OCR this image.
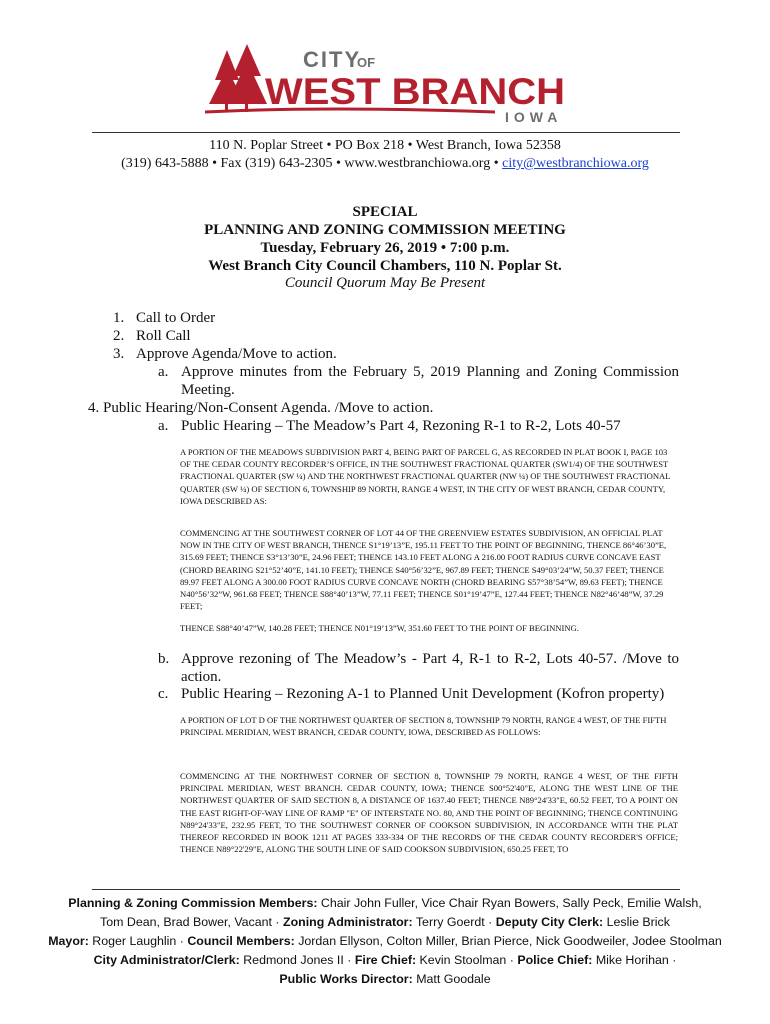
CITY
OF
WEST BRANCH
IOWA
110 N. Poplar Street • PO Box 218 • West Branch, Iowa 52358
(319) 643-5888 • Fax (319) 643-2305 • www.westbranchiowa.org • city@westbranchiowa.org
SPECIAL
PLANNING AND ZONING COMMISSION MEETING
Tuesday, February 26, 2019 • 7:00 p.m.
West Branch City Council Chambers, 110 N. Poplar St.
Council Quorum May Be Present
1. Call to Order
2. Roll Call
3. Approve Agenda/Move to action.
a. Approve minutes from the February 5, 2019 Planning and Zoning Commission
Meeting.
4. Public Hearing/Non-Consent Agenda. /Move to action.
a. Public Hearing – The Meadow’s Part 4, Rezoning R-1 to R-2, Lots 40-57
A PORTION OF THE MEADOWS SUBDIVISION PART 4, BEING PART OF PARCEL G, AS RECORDED IN PLAT BOOK I, PAGE 103 OF THE CEDAR COUNTY RECORDER’S OFFICE, IN THE SOUTHWEST FRACTIONAL QUARTER (SW1/4) OF THE SOUTHWEST FRACTIONAL QUARTER (SW ¼) AND THE NORTHWEST FRACTIONAL QUARTER (NW ¼) OF THE SOUTHWEST FRACTIONAL QUARTER (SW ¼) OF SECTION 6, TOWNSHIP 89 NORTH, RANGE 4 WEST, IN THE CITY OF WEST BRANCH, CEDAR COUNTY, IOWA DESCRIBED AS:
COMMENCING AT THE SOUTHWEST CORNER OF LOT 44 OF THE GREENVIEW ESTATES SUBDIVISION, AN OFFICIAL PLAT NOW IN THE CITY OF WEST BRANCH, THENCE S1°19’13”E, 195.11 FEET TO THE POINT OF BEGINNING, THENCE 86°46’30”E, 315.69 FEET; THENCE S3°13’30”E, 24.96 FEET; THENCE 143.10 FEET ALONG A 216.00 FOOT RADIUS CURVE CONCAVE EAST (CHORD BEARING S21°52’40”E, 141.10 FEET); THENCE S40°56’32”E, 967.89 FEET; THENCE S49°03’24”W, 50.37 FEET; THENCE 89.97 FEET ALONG A 300.00 FOOT RADIUS CURVE CONCAVE NORTH (CHORD BEARING S57°38’54”W, 89.63 FEET); THENCE N40°56’32”W, 961.68 FEET; THENCE S88°40’13”W, 77.11 FEET; THENCE S01°19’47”E, 127.44 FEET; THENCE N82°46’48”W, 37.29 FEET;
THENCE S88°40’47”W, 140.28 FEET; THENCE N01°19’13”W, 351.60 FEET TO THE POINT OF BEGINNING.
b. Approve rezoning of The Meadow’s - Part 4, R-1 to R-2, Lots 40-57. /Move to
action.
c. Public Hearing – Rezoning A-1 to Planned Unit Development (Kofron property)
A PORTION OF LOT D OF THE NORTHWEST QUARTER OF SECTION 8, TOWNSHIP 79 NORTH, RANGE 4 WEST, OF THE FIFTH PRINCIPAL MERIDIAN, WEST BRANCH, CEDAR COUNTY, IOWA, DESCRIBED AS FOLLOWS:
COMMENCING AT THE NORTHWEST CORNER OF SECTION 8, TOWNSHIP 79 NORTH, RANGE 4 WEST, OF THE FIFTH PRINCIPAL MERIDIAN, WEST BRANCH. CEDAR COUNTY, IOWA; THENCE S00°52'40"E, ALONG THE WEST LINE OF THE NORTHWEST QUARTER OF SAID SECTION 8, A DISTANCE OF 1637.40 FEET; THENCE N89°24'33"E, 60.52 FEET, TO A POINT ON THE EAST RIGHT-OF-WAY LINE OF RAMP "E" OF INTERSTATE NO. 80, AND THE POINT OF BEGINNING; THENCE CONTINUING N89°24'33"E, 232.95 FEET, TO THE SOUTHWEST CORNER OF COOKSON SUBDIVISION, IN ACCORDANCE WITH THE PLAT THEREOF RECORDED IN BOOK 1211 AT PAGES 333-334 OF THE RECORDS OF THE CEDAR COUNTY RECORDER'S OFFICE; THENCE N89°22'29"E, ALONG THE SOUTH LINE OF SAID COOKSON SUBDIVISION, 650.25 FEET, TO
Planning & Zoning Commission Members: Chair John Fuller, Vice Chair Ryan Bowers, Sally Peck, Emilie Walsh,
Tom Dean, Brad Bower, Vacant · Zoning Administrator: Terry Goerdt · Deputy City Clerk: Leslie Brick
Mayor: Roger Laughlin · Council Members: Jordan Ellyson, Colton Miller, Brian Pierce, Nick Goodweiler, Jodee Stoolman
City Administrator/Clerk: Redmond Jones II · Fire Chief: Kevin Stoolman · Police Chief: Mike Horihan ·
Public Works Director: Matt Goodale
